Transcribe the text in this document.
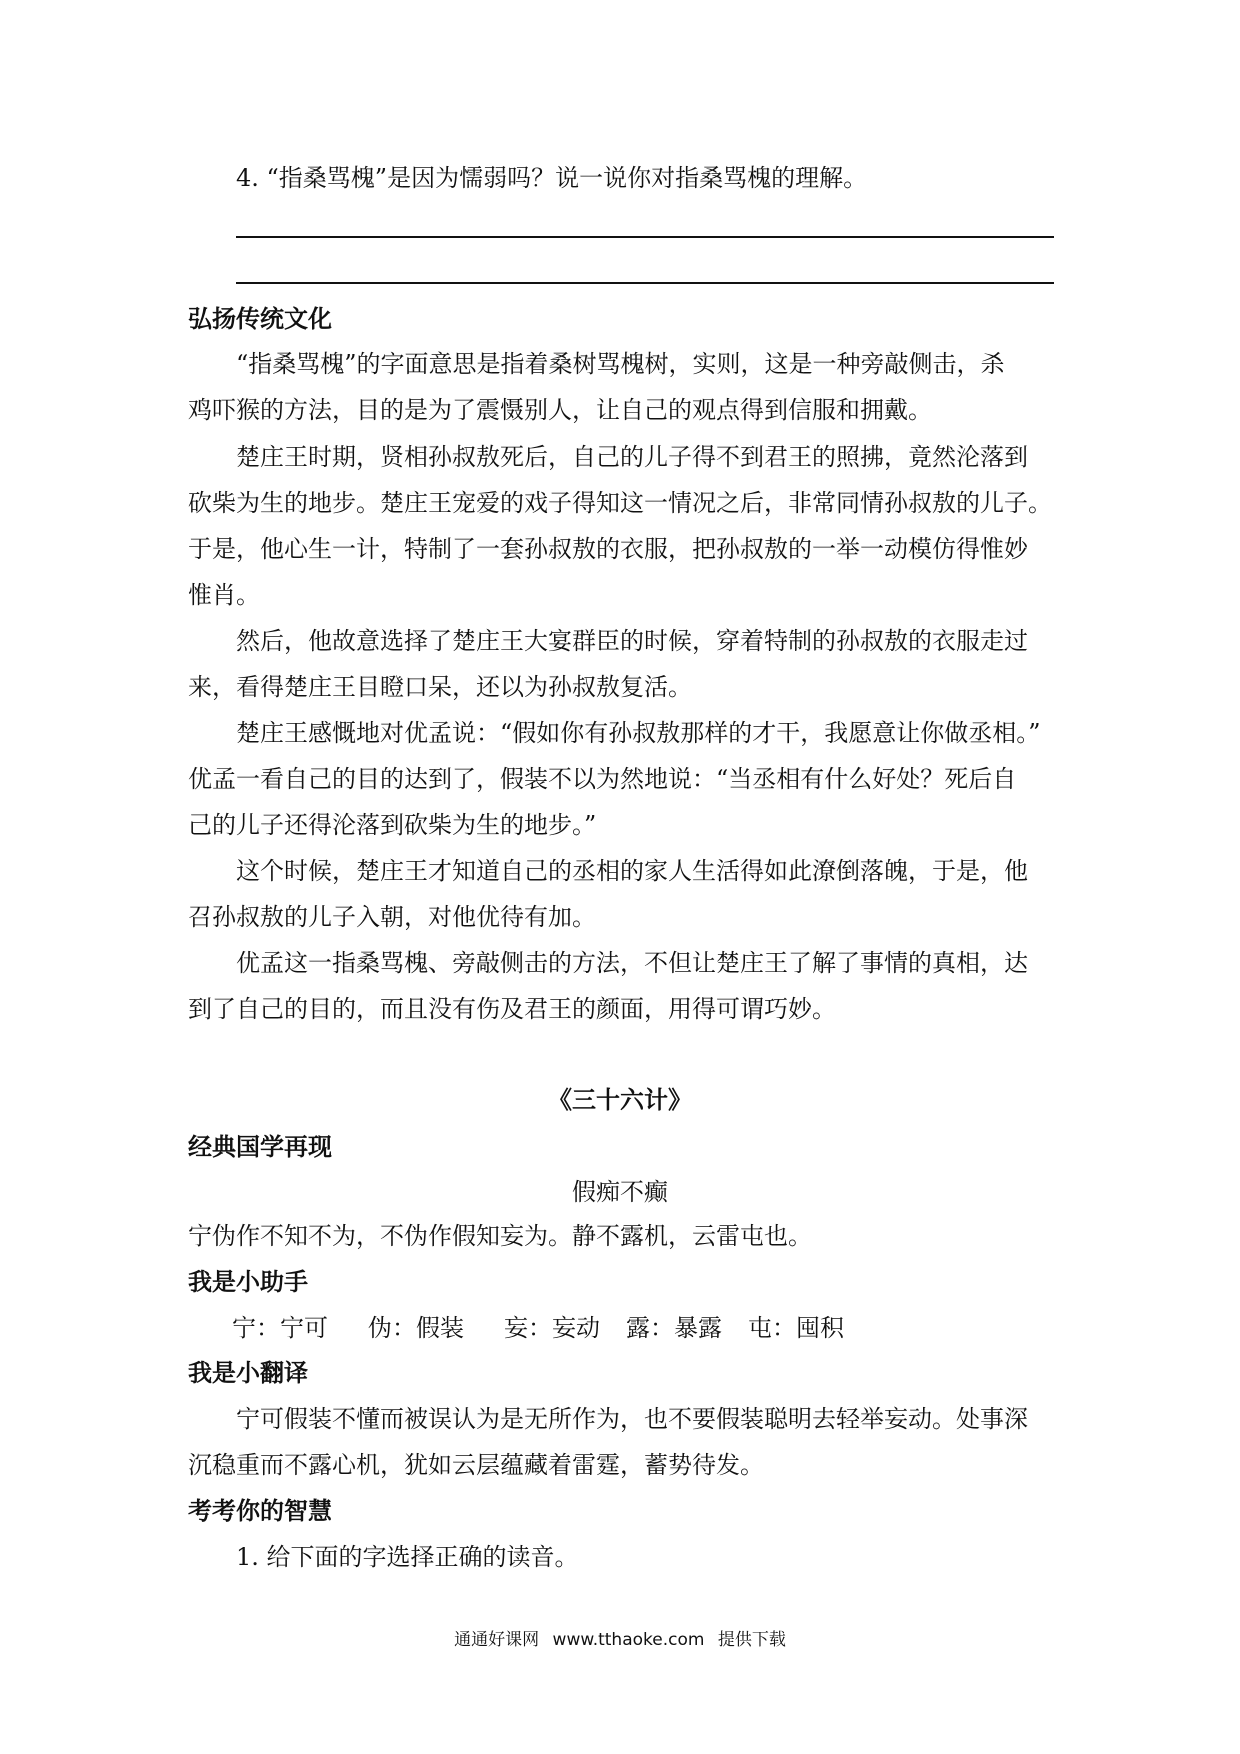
4. “指桑骂槐”是因为懦弱吗？说一说你对指桑骂槐的理解。
弘扬传统文化
“指桑骂槐”的字面意思是指着桑树骂槐树，实则，这是一种旁敲侧击，杀
鸡吓猴的方法，目的是为了震慑别人，让自己的观点得到信服和拥戴。
楚庄王时期，贤相孙叔敖死后，自己的儿子得不到君王的照拂，竟然沦落到
砍柴为生的地步。楚庄王宠爱的戏子得知这一情况之后，非常同情孙叔敖的儿子。
于是，他心生一计，特制了一套孙叔敖的衣服，把孙叔敖的一举一动模仿得惟妙
惟肖。
然后，他故意选择了楚庄王大宴群臣的时候，穿着特制的孙叔敖的衣服走过
来，看得楚庄王目瞪口呆，还以为孙叔敖复活。
楚庄王感慨地对优孟说：“假如你有孙叔敖那样的才干，我愿意让你做丞相。”
优孟一看自己的目的达到了，假装不以为然地说：“当丞相有什么好处？死后自
己的儿子还得沦落到砍柴为生的地步。”
这个时候，楚庄王才知道自己的丞相的家人生活得如此潦倒落魄，于是，他
召孙叔敖的儿子入朝，对他优待有加。
优孟这一指桑骂槐、旁敲侧击的方法，不但让楚庄王了解了事情的真相，达
到了自己的目的，而且没有伤及君王的颜面，用得可谓巧妙。
《三十六计》
经典国学再现
假痴不癫
宁伪作不知不为，不伪作假知妄为。静不露机，云雷屯也。
我是小助手
宁：宁可 伪：假装 妄：妄动 露：暴露 屯：囤积
我是小翻译
宁可假装不懂而被误认为是无所作为，也不要假装聪明去轻举妄动。处事深
沉稳重而不露心机，犹如云层蕴藏着雷霆，蓄势待发。
考考你的智慧
1. 给下面的字选择正确的读音。
通通好课网 www.tthaoke.com 提供下载
